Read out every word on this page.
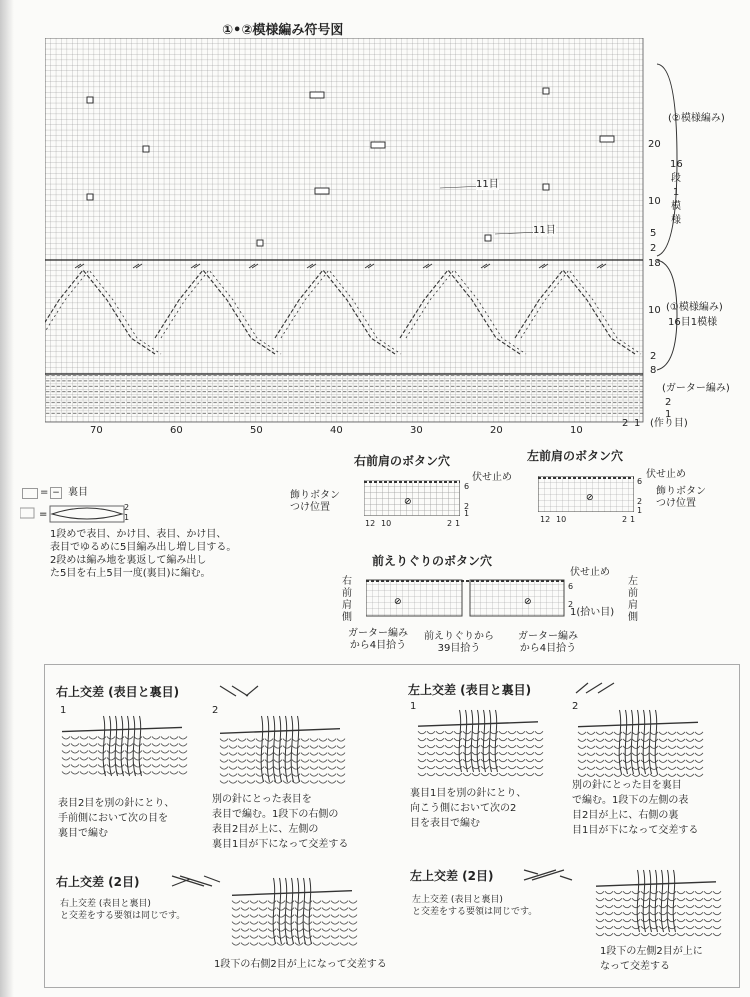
①•②模様編み符号図
11目
11目
20
10
5
2
18
10
2
8
2
1
(②模様編み)
16段1模様
(①模様編み)
16目1模様
(ガーター編み)
(作り目)
70	60	50	40	30	20	10
2 1
= − 裏目
=
2
1
1段めで表目、かけ目、表目、かけ目、
表目でゆるめに5目編み出し増し目する。
2段めは編み地を裏返して編み出し
た5目を右上5目一度(裏目)に編む。
右前肩のボタン穴
⊘
6
2
1
伏せ止め
飾りボタン
つけ位置
12 10	2 1
左前肩のボタン穴
⊘
6
2
1
伏せ止め
飾りボタン
つけ位置
12 10	2 1
前えりぐりのボタン穴
⊘	⊘
伏せ止め
6
2
1(拾い目)
右
前
肩
側
左
前
肩
側
ガーター編み
から4目拾う
前えりぐりから
39目拾う
ガーター編み
から4目拾う
右上交差 (表目と裏目)	左上交差 (表目と裏目)
1	2	1	2
表目2目を別の針にとり、
手前側において次の目を
裏目で編む
別の針にとった表目を
表目で編む。1段下の右側の
表目2目が上に、左側の
裏目1目が下になって交差する
裏目1目を別の針にとり、
向こう側において次の2
目を表目で編む
別の針にとった目を裏目
で編む。1段下の左側の表
目2目が上に、右側の裏
目1目が下になって交差する
右上交差 (2目)
右上交差 (表目と裏目)
と交差をする要領は同じです。
1段下の右側2目が上になって交差する
左上交差 (2目)
左上交差 (表目と裏目)
と交差をする要領は同じです。
1段下の左側2目が上に
なって交差する
